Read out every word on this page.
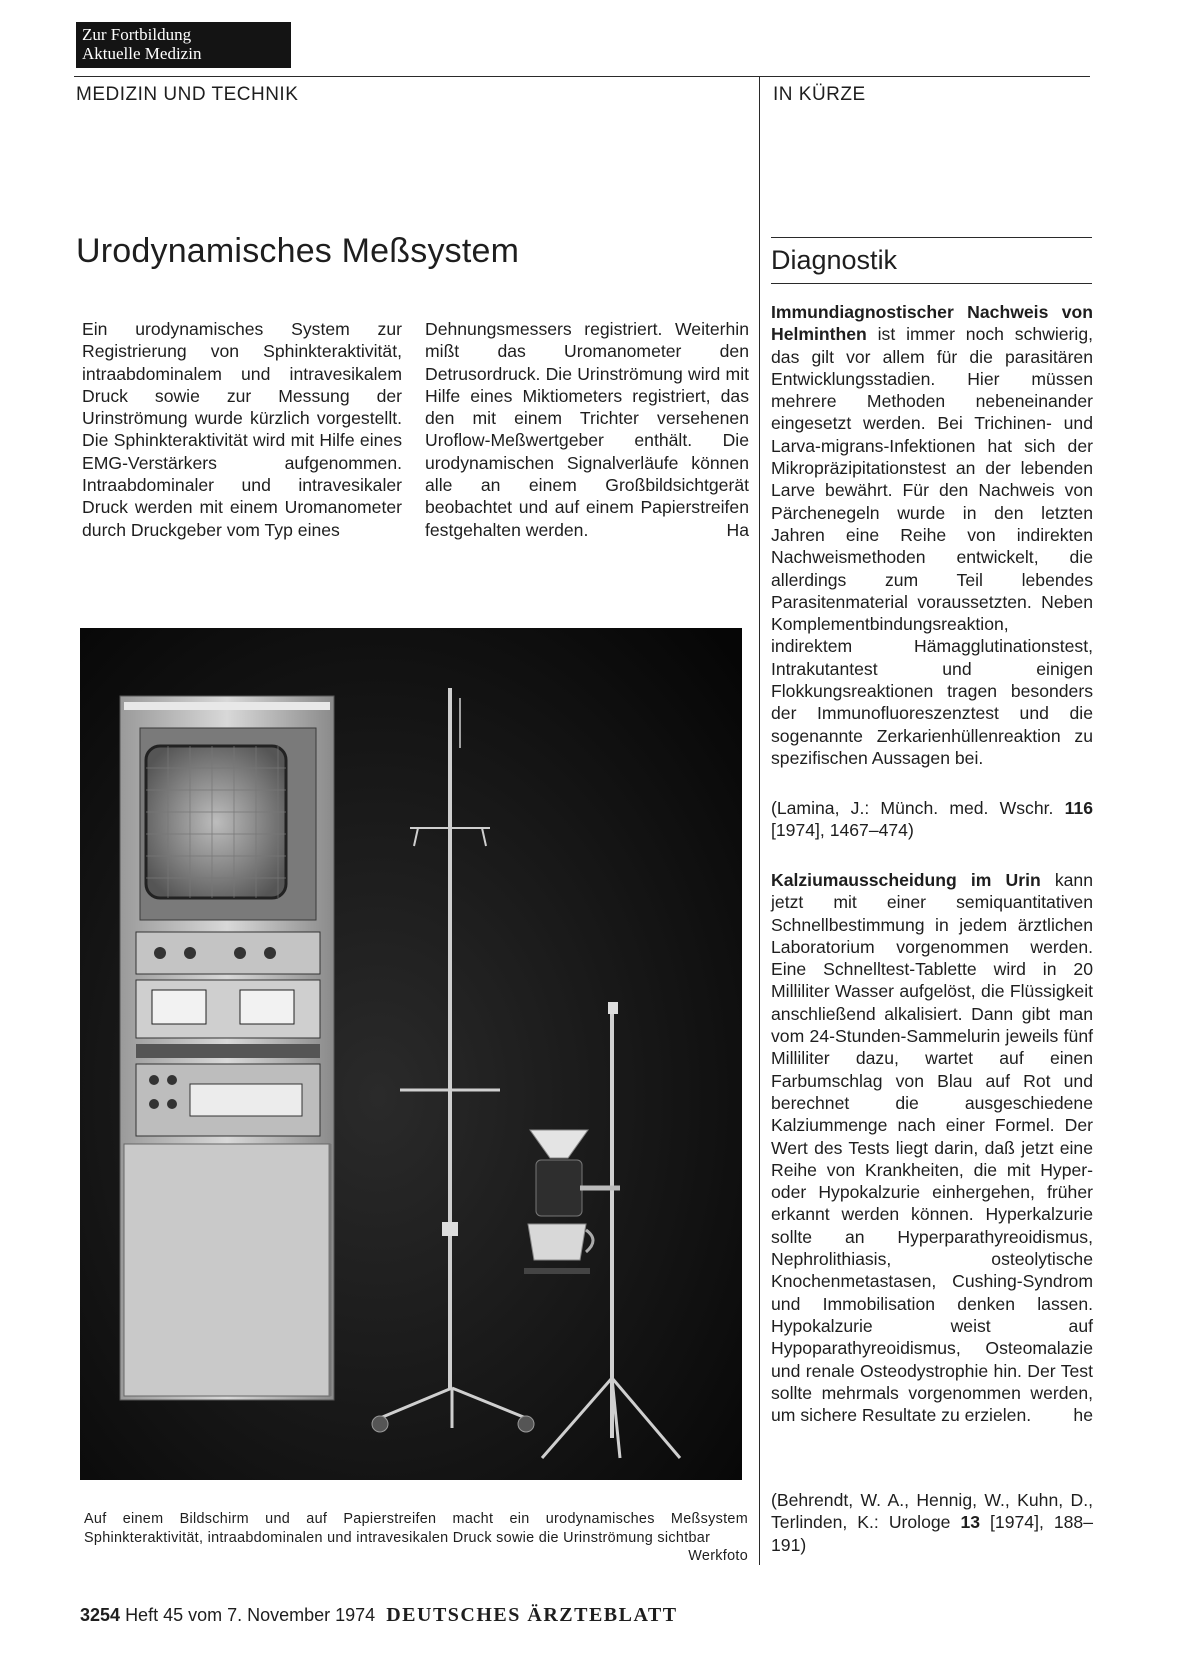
Zur Fortbildung
Aktuelle Medizin
MEDIZIN UND TECHNIK	IN KÜRZE
Urodynamisches Meßsystem

Ein urodynamisches System zur Registrierung von Sphinkteraktivität, intraabdominalem und intravesikalem Druck sowie zur Messung der Urinströmung wurde kürzlich vorgestellt. Die Sphinkteraktivität wird mit Hilfe eines EMG-Verstärkers aufgenommen. Intraabdominaler und intravesikaler Druck werden mit einem Uromanometer durch Druckgeber vom Typ eines

Dehnungsmessers registriert. Weiterhin mißt das Uromanometer den Detrusordruck. Die Urinströmung wird mit Hilfe eines Miktiometers registriert, das den mit einem Trichter versehenen Uroflow-Meßwertgeber enthält. Die urodynamischen Signalverläufe können alle an einem Großbildsichtgerät beobachtet und auf einem Papierstreifen festgehalten werden.	Ha

Auf einem Bildschirm und auf Papierstreifen macht ein urodynamisches Meßsystem Sphinkteraktivität, intraabdominalen und intravesikalen Druck sowie die Urinströmung sichtbar
Werkfoto

3254 Heft 45 vom 7. November 1974 DEUTSCHES ÄRZTEBLATT
Diagnostik

Immundiagnostischer Nachweis von Helminthen ist immer noch schwierig, das gilt vor allem für die parasitären Entwicklungsstadien. Hier müssen mehrere Methoden nebeneinander eingesetzt werden. Bei Trichinen- und Larva-migrans-Infektionen hat sich der Mikropräzipitationstest an der lebenden Larve bewährt. Für den Nachweis von Pärchenegeln wurde in den letzten Jahren eine Reihe von indirekten Nachweismethoden entwickelt, die allerdings zum Teil lebendes Parasitenmaterial voraussetzten. Neben Komplementbindungsreaktion, indirektem Hämagglutinationstest, Intrakutantest und einigen Flokkungsreaktionen tragen besonders der Immunofluoreszenztest und die sogenannte Zerkarienhüllenreaktion zu spezifischen Aussagen bei.

(Lamina, J.: Münch. med. Wschr. 116 [1974], 1467–474)

Kalziumausscheidung im Urin kann jetzt mit einer semiquantitativen Schnellbestimmung in jedem ärztlichen Laboratorium vorgenommen werden. Eine Schnelltest-Tablette wird in 20 Milliliter Wasser aufgelöst, die Flüssigkeit anschließend alkalisiert. Dann gibt man vom 24-Stunden-Sammelurin jeweils fünf Milliliter dazu, wartet auf einen Farbumschlag von Blau auf Rot und berechnet die ausgeschiedene Kalziummenge nach einer Formel. Der Wert des Tests liegt darin, daß jetzt eine Reihe von Krankheiten, die mit Hyper- oder Hypokalzurie einhergehen, früher erkannt werden können. Hyperkalzurie sollte an Hyperparathyreoidismus, Nephrolithiasis, osteolytische Knochenmetastasen, Cushing-Syndrom und Immobilisation denken lassen. Hypokalzurie weist auf Hypoparathyreoidismus, Osteomalazie und renale Osteodystrophie hin. Der Test sollte mehrmals vorgenommen werden, um sichere Resultate zu erzielen. he

(Behrendt, W. A., Hennig, W., Kuhn, D., Terlinden, K.: Urologe 13 [1974], 188–191)
